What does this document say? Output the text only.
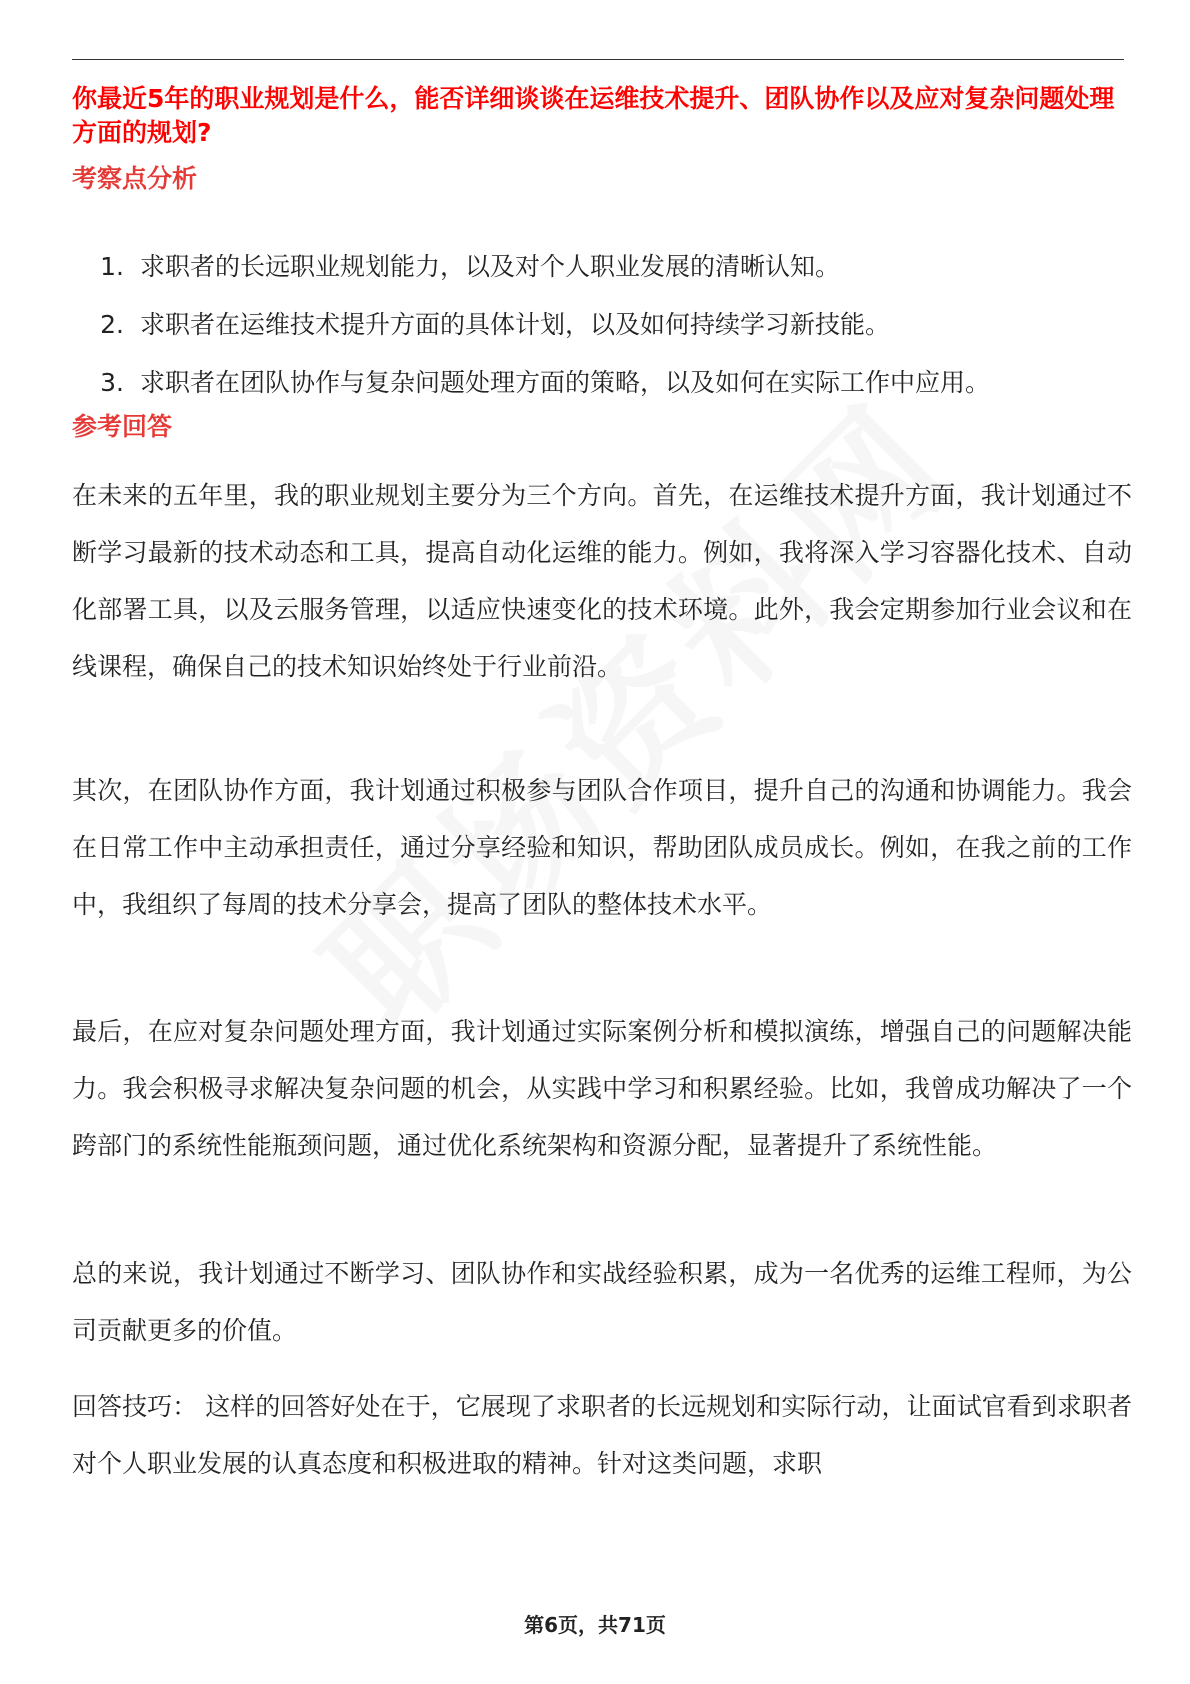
你最近5年的职业规划是什么，能否详细谈谈在运维技术提升、团队协作以及应对复杂问题处理方面的规划?

考察点分析

1. 求职者的长远职业规划能力，以及对个人职业发展的清晰认知。
2. 求职者在运维技术提升方面的具体计划，以及如何持续学习新技能。
3. 求职者在团队协作与复杂问题处理方面的策略，以及如何在实际工作中应用。

参考回答

在未来的五年里，我的职业规划主要分为三个方向。首先，在运维技术提升方面，我计划通过不断学习最新的技术动态和工具，提高自动化运维的能力。例如，我将深入学习容器化技术、自动化部署工具，以及云服务管理，以适应快速变化的技术环境。此外，我会定期参加行业会议和在线课程，确保自己的技术知识始终处于行业前沿。

其次，在团队协作方面，我计划通过积极参与团队合作项目，提升自己的沟通和协调能力。我会在日常工作中主动承担责任，通过分享经验和知识，帮助团队成员成长。例如，在我之前的工作中，我组织了每周的技术分享会，提高了团队的整体技术水平。

最后，在应对复杂问题处理方面，我计划通过实际案例分析和模拟演练，增强自己的问题解决能力。我会积极寻求解决复杂问题的机会，从实践中学习和积累经验。比如，我曾成功解决了一个跨部门的系统性能瓶颈问题，通过优化系统架构和资源分配，显著提升了系统性能。

总的来说，我计划通过不断学习、团队协作和实战经验积累，成为一名优秀的运维工程师，为公司贡献更多的价值。

回答技巧： 这样的回答好处在于，它展现了求职者的长远规划和实际行动，让面试官看到求职者对个人职业发展的认真态度和积极进取的精神。针对这类问题，求职

第6页，共71页
